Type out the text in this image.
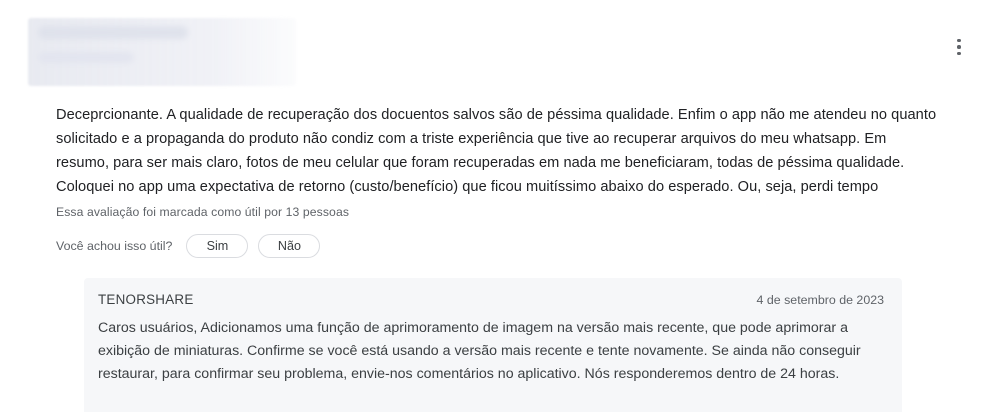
Deceprcionante. A qualidade de recuperação dos docuentos salvos são de péssima qualidade. Enfim o app não me atendeu no quanto solicitado e a propaganda do produto não condiz com a triste experiência que tive ao recuperar arquivos do meu whatsapp. Em resumo, para ser mais claro, fotos de meu celular que foram recuperadas em nada me beneficiaram, todas de péssima qualidade. Coloquei no app uma expectativa de retorno (custo/benefício) que ficou muitíssimo abaixo do esperado. Ou, seja, perdi tempo
Essa avaliação foi marcada como útil por 13 pessoas
Você achou isso útil?	Sim	Não
TENORSHARE	4 de setembro de 2023
Caros usuários, Adicionamos uma função de aprimoramento de imagem na versão mais recente, que pode aprimorar a exibição de miniaturas. Confirme se você está usando a versão mais recente e tente novamente. Se ainda não conseguir restaurar, para confirmar seu problema, envie-nos comentários no aplicativo. Nós responderemos dentro de 24 horas.
